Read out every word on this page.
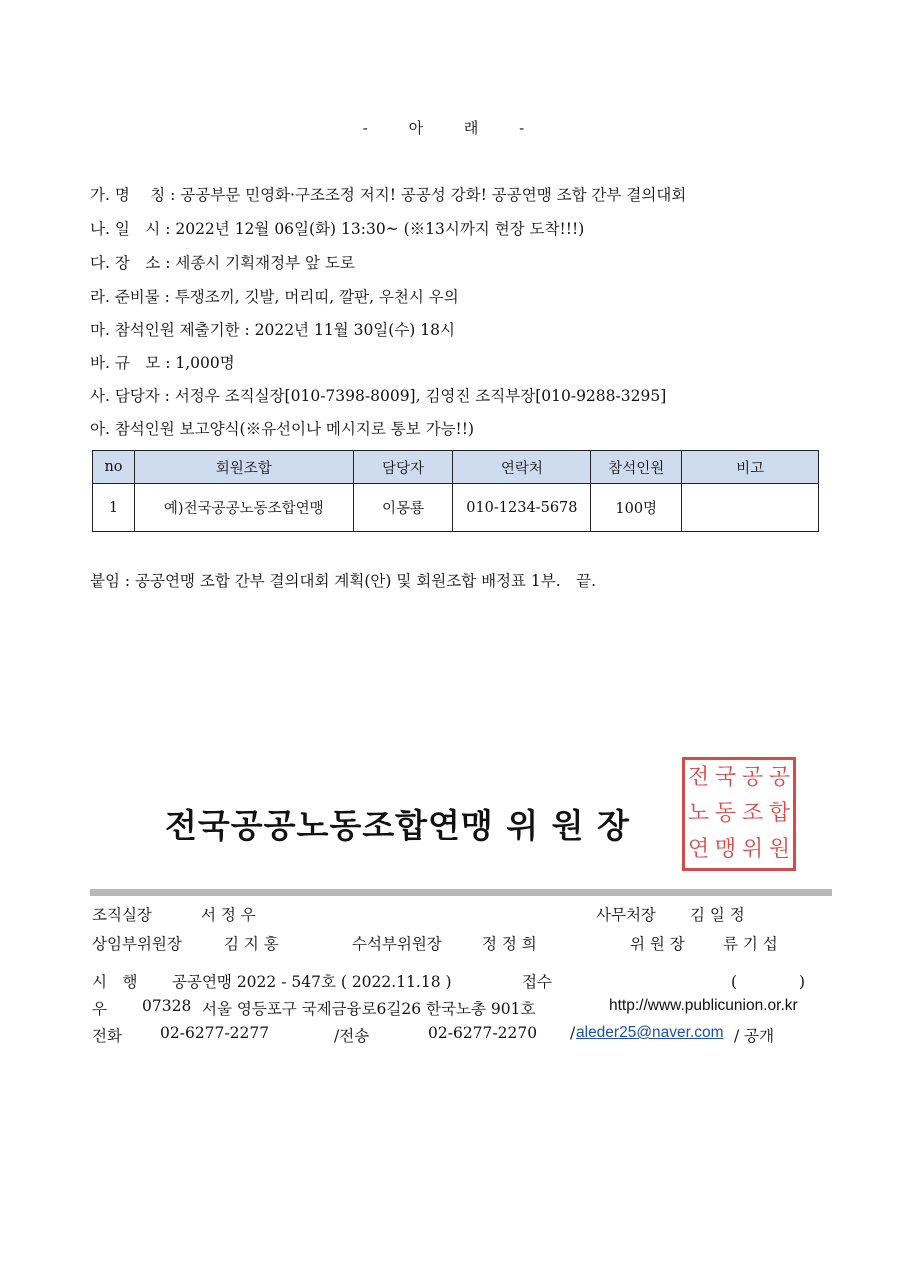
- 아 래 -
가. 명　 칭 : 공공부문 민영화·구조조정 저지! 공공성 강화! 공공연맹 조합 간부 결의대회
나. 일　시 : 2022년 12월 06일(화) 13:30~ (※13시까지 현장 도착!!!)
다. 장　소 : 세종시 기획재정부 앞 도로
라. 준비물 : 투쟁조끼, 깃발, 머리띠, 깔판, 우천시 우의
마. 참석인원 제출기한 : 2022년 11월 30일(수) 18시
바. 규　모 : 1,000명
사. 담당자 : 서정우 조직실장[010-7398-8009], 김영진 조직부장[010-9288-3295]
아. 참석인원 보고양식(※유선이나 메시지로 통보 가능!!)
no	회원조합	담당자	연락처	참석인원	비고
1	예)전국공공노동조합연맹	이몽룡	010-1234-5678	100명	
붙임 : 공공연맹 조합 간부 결의대회 계획(안) 및 회원조합 배정표 1부.　끝.
전 국 공 공
노 동 조 합
연 맹 위 원
전국공공노동조합연맹 위 원 장
조직실장	서 정 우	사무처장 김 일 정
상임부위원장	김 지 홍	수석부위원장	정 정 희	위 원 장 류 기 섭
시　행 공공연맹 2022 - 547호 ( 2022.11.18 )	접수	(　　　　)
우 07328 서울 영등포구 국제금융로6길26 한국노총 901호	http://www.publicunion.or.kr
전화 02-6277-2277	/전송	02-6277-2270 / aleder25@naver.com / 공개
